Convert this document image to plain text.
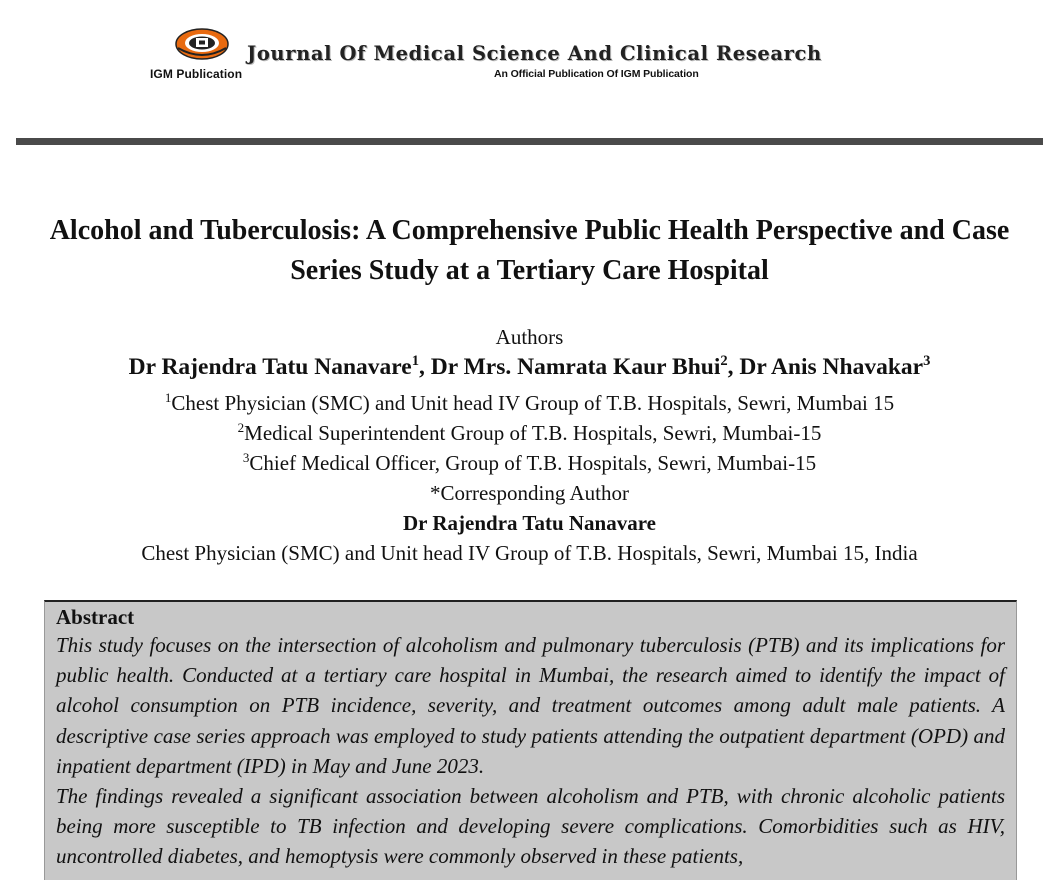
IGM Publication
Journal Of Medical Science And Clinical Research
An Official Publication Of IGM Publication
Alcohol and Tuberculosis: A Comprehensive Public Health Perspective and Case Series Study at a Tertiary Care Hospital
Authors
Dr Rajendra Tatu Nanavare$^1$, Dr Mrs. Namrata Kaur Bhui$^2$, Dr Anis Nhavakar$^3$
$^1$Chest Physician (SMC) and Unit head IV Group of T.B. Hospitals, Sewri, Mumbai 15
$^2$Medical Superintendent Group of T.B. Hospitals, Sewri, Mumbai-15
$^3$Chief Medical Officer, Group of T.B. Hospitals, Sewri, Mumbai-15
*Corresponding Author
Dr Rajendra Tatu Nanavare
Chest Physician (SMC) and Unit head IV Group of T.B. Hospitals, Sewri, Mumbai 15, India
Abstract

This study focuses on the intersection of alcoholism and pulmonary tuberculosis (PTB) and its implications for public health. Conducted at a tertiary care hospital in Mumbai, the research aimed to identify the impact of alcohol consumption on PTB incidence, severity, and treatment outcomes among adult male patients. A descriptive case series approach was employed to study patients attending the outpatient department (OPD) and inpatient department (IPD) in May and June 2023.

The findings revealed a significant association between alcoholism and PTB, with chronic alcoholic patients being more susceptible to TB infection and developing severe complications. Comorbidities such as HIV, uncontrolled diabetes, and hemoptysis were commonly observed in these patients,
